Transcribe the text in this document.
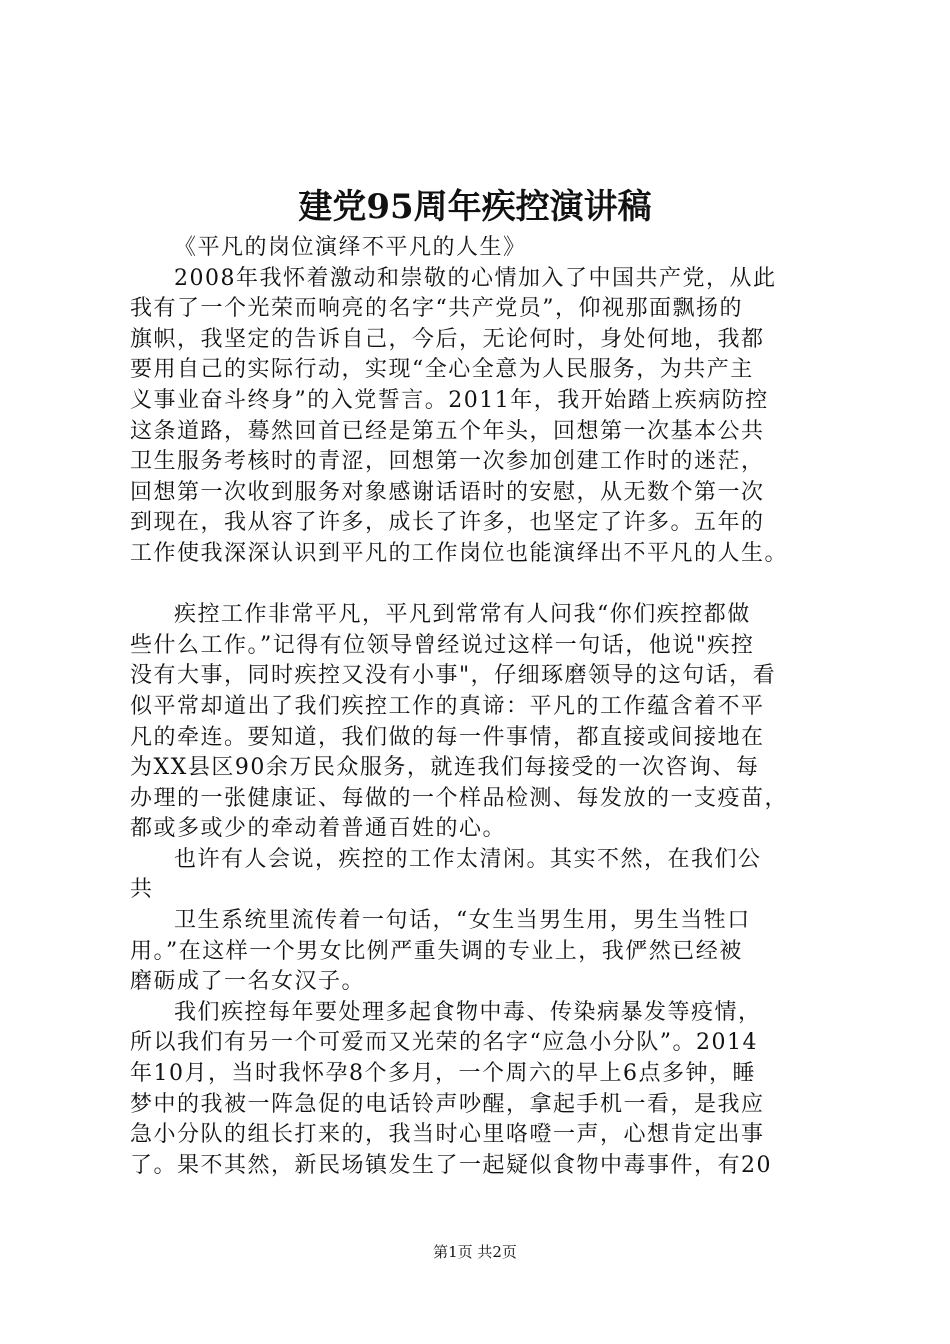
建党95周年疾控演讲稿
《平凡的岗位演绎不平凡的人生》
2008年我怀着激动和崇敬的心情加入了中国共产党，从此
我有了一个光荣而响亮的名字“共产党员”，仰视那面飘扬的
旗帜，我坚定的告诉自己，今后，无论何时，身处何地，我都
要用自己的实际行动，实现“全心全意为人民服务，为共产主
义事业奋斗终身”的入党誓言。2011年，我开始踏上疾病防控
这条道路，蓦然回首已经是第五个年头，回想第一次基本公共
卫生服务考核时的青涩，回想第一次参加创建工作时的迷茫，
回想第一次收到服务对象感谢话语时的安慰，从无数个第一次
到现在，我从容了许多，成长了许多，也坚定了许多。五年的
工作使我深深认识到平凡的工作岗位也能演绎出不平凡的人生。
疾控工作非常平凡，平凡到常常有人问我“你们疾控都做
些什么工作。”记得有位领导曾经说过这样一句话，他说"疾控
没有大事，同时疾控又没有小事"，仔细琢磨领导的这句话，看
似平常却道出了我们疾控工作的真谛：平凡的工作蕴含着不平
凡的牵连。要知道，我们做的每一件事情，都直接或间接地在
为XX县区90余万民众服务，就连我们每接受的一次咨询、每
办理的一张健康证、每做的一个样品检测、每发放的一支疫苗，
都或多或少的牵动着普通百姓的心。
也许有人会说，疾控的工作太清闲。其实不然，在我们公
共
卫生系统里流传着一句话，“女生当男生用，男生当牲口
用。”在这样一个男女比例严重失调的专业上，我俨然已经被
磨砺成了一名女汉子。
我们疾控每年要处理多起食物中毒、传染病暴发等疫情，
所以我们有另一个可爱而又光荣的名字“应急小分队”。2014
年10月，当时我怀孕8个多月，一个周六的早上6点多钟，睡
梦中的我被一阵急促的电话铃声吵醒，拿起手机一看，是我应
急小分队的组长打来的，我当时心里咯噔一声，心想肯定出事
了。果不其然，新民场镇发生了一起疑似食物中毒事件，有20
第1页 共2页
